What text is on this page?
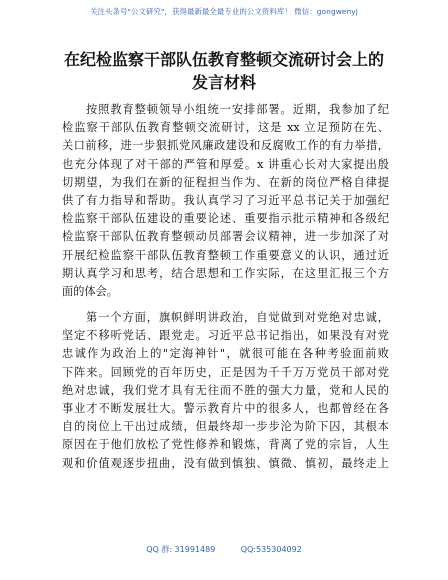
关注头条号"公文研究"，获得最新最全最专业的公文资料库！ 微信：gongwenyj
在纪检监察干部队伍教育整顿交流研讨会上的
发言材料
按照教育整顿领导小组统一安排部署。近期，我参加了纪
检监察干部队伍教育整顿交流研讨，这是 xx 立足预防在先、
关口前移，进一步狠抓党风廉政建设和反腐败工作的有力举措，
也充分体现了对干部的严管和厚爱。x 讲重心长对大家提出殷
切期望，为我们在新的征程担当作为、在新的岗位严格自律提
供了有力指导和帮助。我认真学习了习近平总书记关于加强纪
检监察干部队伍建设的重要论述、重要指示批示精神和各级纪
检监察干部队伍教育整顿动员部署会议精神，进一步加深了对
开展纪检监察干部队伍教育整顿工作重要意义的认识，通过近
期认真学习和思考，结合思想和工作实际，在这里汇报三个方
面的体会。
第一个方面，旗帜鲜明讲政治，自觉做到对党绝对忠诚，
坚定不移听党话、跟党走。习近平总书记指出，如果没有对党
忠诚作为政治上的"定海神针"，就很可能在各种考验面前败
下阵来。回顾党的百年历史，正是因为千千万万党员干部对党
绝对忠诚，我们党才具有无往而不胜的强大力量，党和人民的
事业才不断发展壮大。警示教育片中的很多人，也都曾经在各
自的岗位上干出过成绩，但最终却一步步沦为阶下囚，其根本
原因在于他们放松了党性修养和锻炼，背离了党的宗旨，人生
观和价值观逐步扭曲，没有做到慎独、慎微、慎初，最终走上
QQ 群: 31991489          QQ:535304092
